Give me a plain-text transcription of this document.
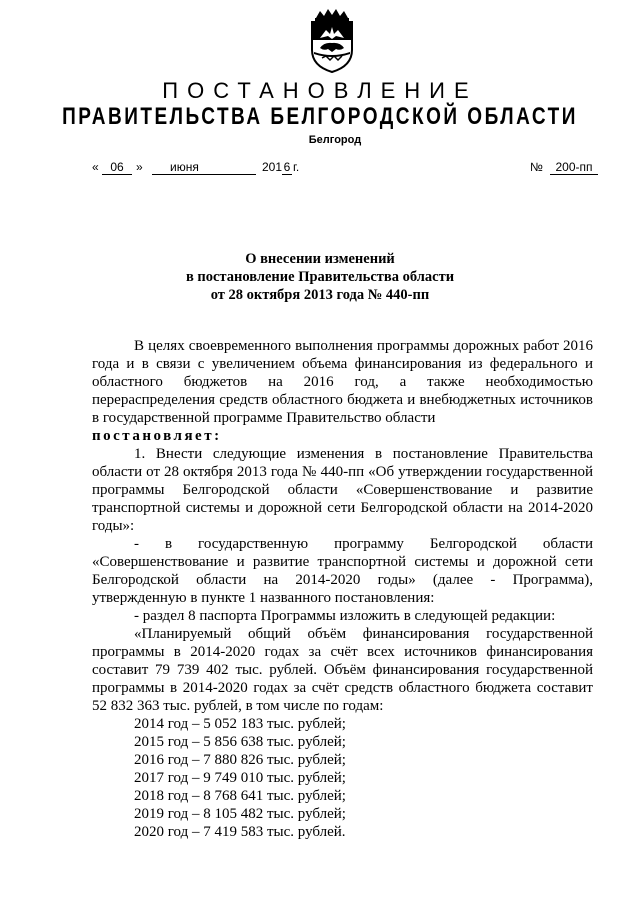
ПОСТАНОВЛЕНИЕ
ПРАВИТЕЛЬСТВА БЕЛГОРОДСКОЙ ОБЛАСТИ
Белгород
« 06	»	июня	201 6 г.	№	200-пп
О внесении изменений
в постановление Правительства области
от 28 октября 2013 года № 440-пп

В целях своевременного выполнения программы дорожных работ 2016 года и в связи с увеличением объема финансирования из федерального и областного бюджетов на 2016 год, а также необходимостью перераспределения средств областного бюджета и внебюджетных источников в государственной программе Правительство области

постановляет:

1. Внести следующие изменения в постановление Правительства области от 28 октября 2013 года № 440-пп «Об утверждении государственной программы Белгородской области «Совершенствование и развитие транспортной системы и дорожной сети Белгородской области на 2014-2020 годы»:

- в государственную программу Белгородской области «Совершенствование и развитие транспортной системы и дорожной сети Белгородской области на 2014-2020 годы» (далее - Программа), утвержденную в пункте 1 названного постановления:

- раздел 8 паспорта Программы изложить в следующей редакции:

«Планируемый общий объём финансирования государственной программы в 2014-2020 годах за счёт всех источников финансирования составит 79 739 402 тыс. рублей. Объём финансирования государственной программы в 2014-2020 годах за счёт средств областного бюджета составит 52 832 363 тыс. рублей, в том числе по годам:

2014 год – 5 052 183 тыс. рублей;
2015 год – 5 856 638 тыс. рублей;
2016 год – 7 880 826 тыс. рублей;
2017 год – 9 749 010 тыс. рублей;
2018 год – 8 768 641 тыс. рублей;
2019 год – 8 105 482 тыс. рублей;
2020 год – 7 419 583 тыс. рублей.
